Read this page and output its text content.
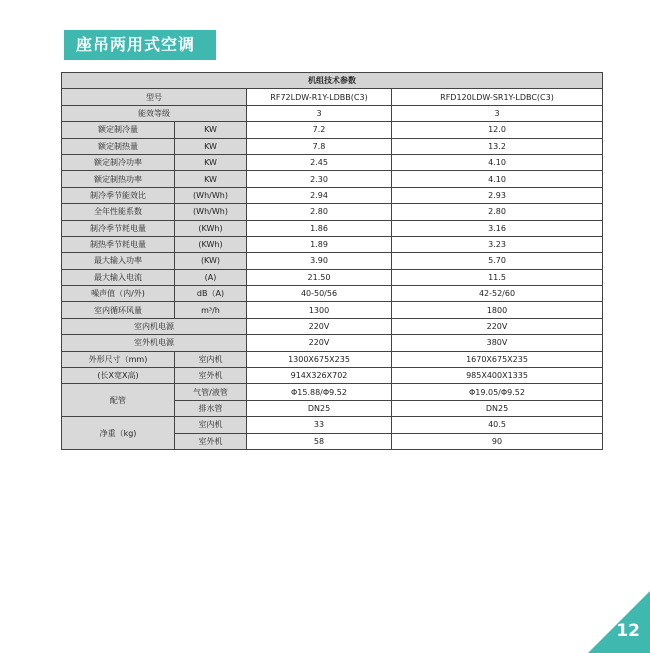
座吊两用式空调
机组技术参数			
型号		RF72LDW-R1Y-LDBB(C3)	RFD120LDW-SR1Y-LDBC(C3)
能效等级		3	3
额定制冷量	KW	7.2	12.0
额定制热量	KW	7.8	13.2
额定制冷功率	KW	2.45	4.10
额定制热功率	KW	2.30	4.10
制冷季节能效比	(Wh/Wh)	2.94	2.93
全年性能系数	(Wh/Wh)	2.80	2.80
制冷季节耗电量	(KWh)	1.86	3.16
制热季节耗电量	(KWh)	1.89	3.23
最大输入功率	(KW)	3.90	5.70
最大输入电流	(A)	21.50	11.5
噪声值（内/外)	dB（A)	40-50/56	42-52/60
室内循环风量	m³/h	1300	1800
室内机电源		220V	220V
室外机电源		220V	380V
外形尺寸（mm)	室内机	1300X675X235	1670X675X235
(长X宽X高)	室外机	914X326X702	985X400X1335
配管	气管/液管	Φ15.88/Φ9.52	Φ19.05/Φ9.52
	排水管	DN25	DN25
净重（kg)	室内机	33	40.5
	室外机	58	90
12
